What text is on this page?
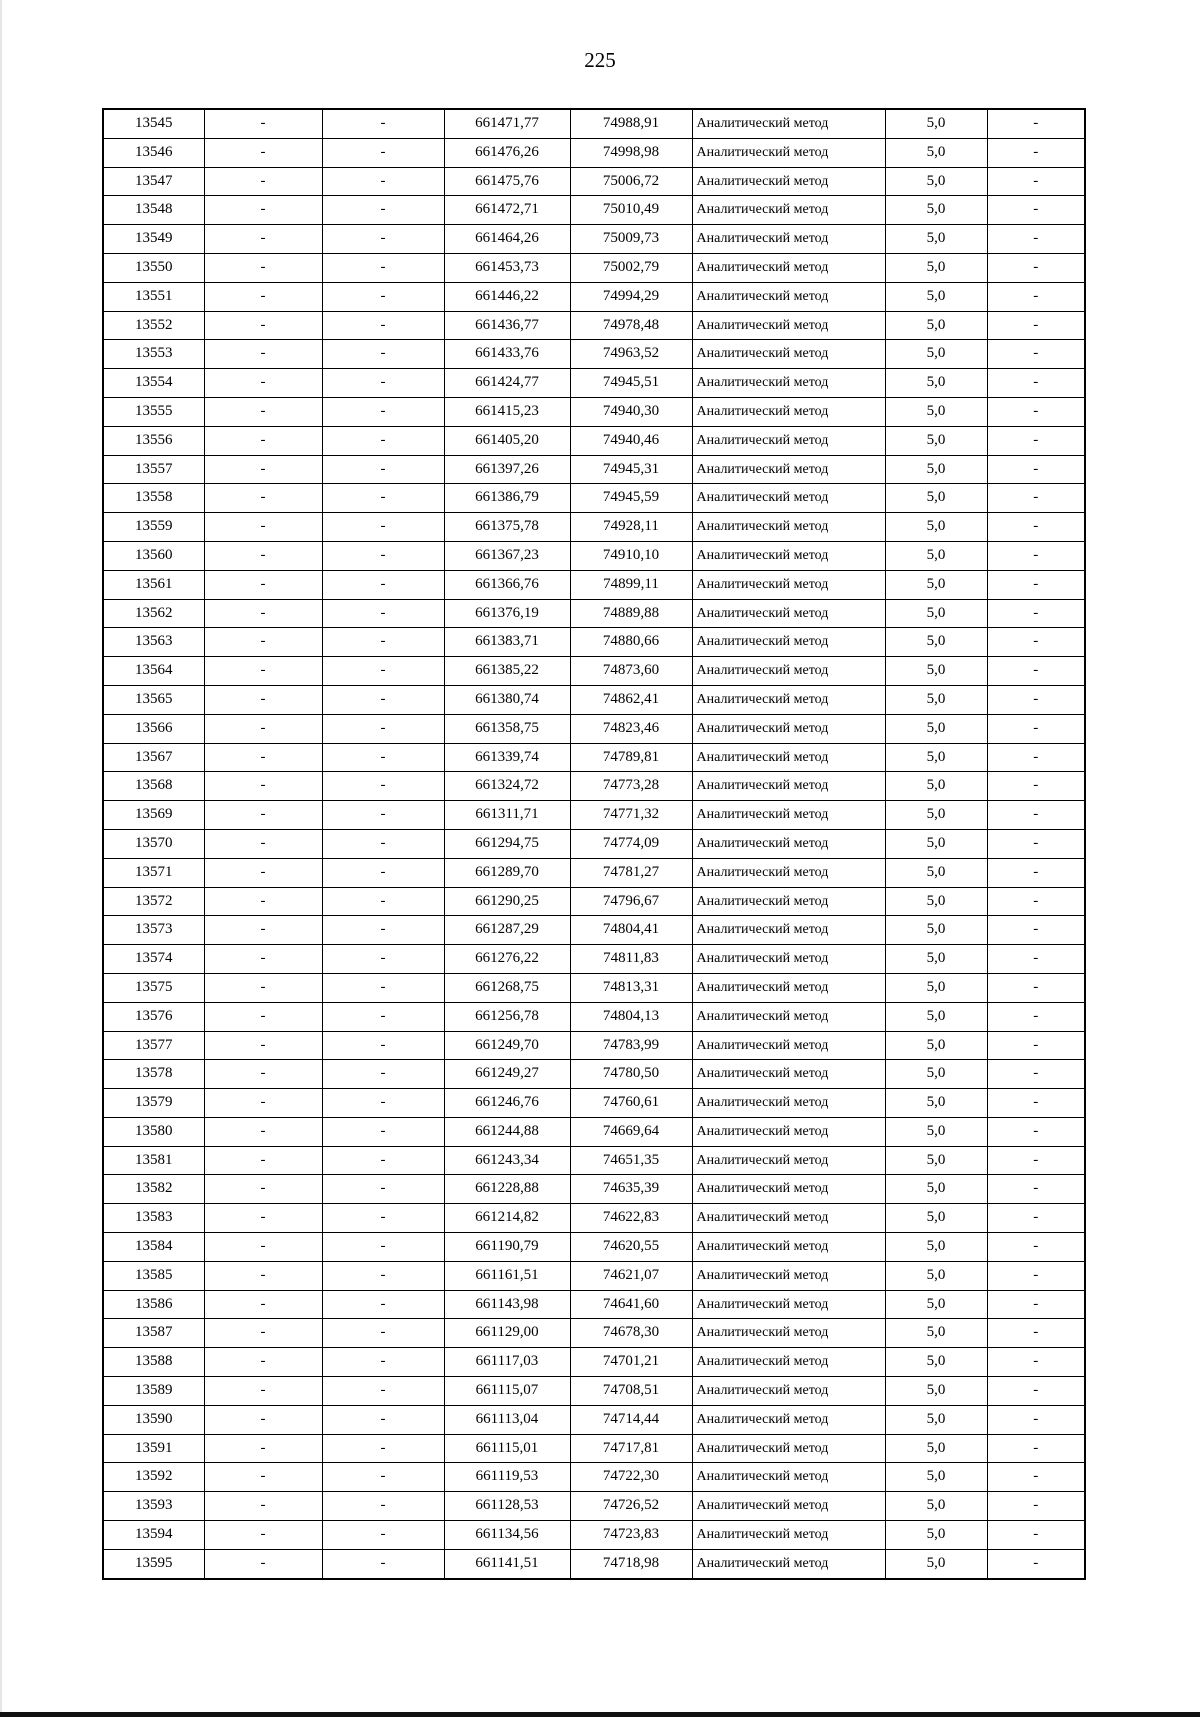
225
13545	-	-	661471,77	74988,91	Аналитический метод	5,0	-
13546	-	-	661476,26	74998,98	Аналитический метод	5,0	-
13547	-	-	661475,76	75006,72	Аналитический метод	5,0	-
13548	-	-	661472,71	75010,49	Аналитический метод	5,0	-
13549	-	-	661464,26	75009,73	Аналитический метод	5,0	-
13550	-	-	661453,73	75002,79	Аналитический метод	5,0	-
13551	-	-	661446,22	74994,29	Аналитический метод	5,0	-
13552	-	-	661436,77	74978,48	Аналитический метод	5,0	-
13553	-	-	661433,76	74963,52	Аналитический метод	5,0	-
13554	-	-	661424,77	74945,51	Аналитический метод	5,0	-
13555	-	-	661415,23	74940,30	Аналитический метод	5,0	-
13556	-	-	661405,20	74940,46	Аналитический метод	5,0	-
13557	-	-	661397,26	74945,31	Аналитический метод	5,0	-
13558	-	-	661386,79	74945,59	Аналитический метод	5,0	-
13559	-	-	661375,78	74928,11	Аналитический метод	5,0	-
13560	-	-	661367,23	74910,10	Аналитический метод	5,0	-
13561	-	-	661366,76	74899,11	Аналитический метод	5,0	-
13562	-	-	661376,19	74889,88	Аналитический метод	5,0	-
13563	-	-	661383,71	74880,66	Аналитический метод	5,0	-
13564	-	-	661385,22	74873,60	Аналитический метод	5,0	-
13565	-	-	661380,74	74862,41	Аналитический метод	5,0	-
13566	-	-	661358,75	74823,46	Аналитический метод	5,0	-
13567	-	-	661339,74	74789,81	Аналитический метод	5,0	-
13568	-	-	661324,72	74773,28	Аналитический метод	5,0	-
13569	-	-	661311,71	74771,32	Аналитический метод	5,0	-
13570	-	-	661294,75	74774,09	Аналитический метод	5,0	-
13571	-	-	661289,70	74781,27	Аналитический метод	5,0	-
13572	-	-	661290,25	74796,67	Аналитический метод	5,0	-
13573	-	-	661287,29	74804,41	Аналитический метод	5,0	-
13574	-	-	661276,22	74811,83	Аналитический метод	5,0	-
13575	-	-	661268,75	74813,31	Аналитический метод	5,0	-
13576	-	-	661256,78	74804,13	Аналитический метод	5,0	-
13577	-	-	661249,70	74783,99	Аналитический метод	5,0	-
13578	-	-	661249,27	74780,50	Аналитический метод	5,0	-
13579	-	-	661246,76	74760,61	Аналитический метод	5,0	-
13580	-	-	661244,88	74669,64	Аналитический метод	5,0	-
13581	-	-	661243,34	74651,35	Аналитический метод	5,0	-
13582	-	-	661228,88	74635,39	Аналитический метод	5,0	-
13583	-	-	661214,82	74622,83	Аналитический метод	5,0	-
13584	-	-	661190,79	74620,55	Аналитический метод	5,0	-
13585	-	-	661161,51	74621,07	Аналитический метод	5,0	-
13586	-	-	661143,98	74641,60	Аналитический метод	5,0	-
13587	-	-	661129,00	74678,30	Аналитический метод	5,0	-
13588	-	-	661117,03	74701,21	Аналитический метод	5,0	-
13589	-	-	661115,07	74708,51	Аналитический метод	5,0	-
13590	-	-	661113,04	74714,44	Аналитический метод	5,0	-
13591	-	-	661115,01	74717,81	Аналитический метод	5,0	-
13592	-	-	661119,53	74722,30	Аналитический метод	5,0	-
13593	-	-	661128,53	74726,52	Аналитический метод	5,0	-
13594	-	-	661134,56	74723,83	Аналитический метод	5,0	-
13595	-	-	661141,51	74718,98	Аналитический метод	5,0	-
